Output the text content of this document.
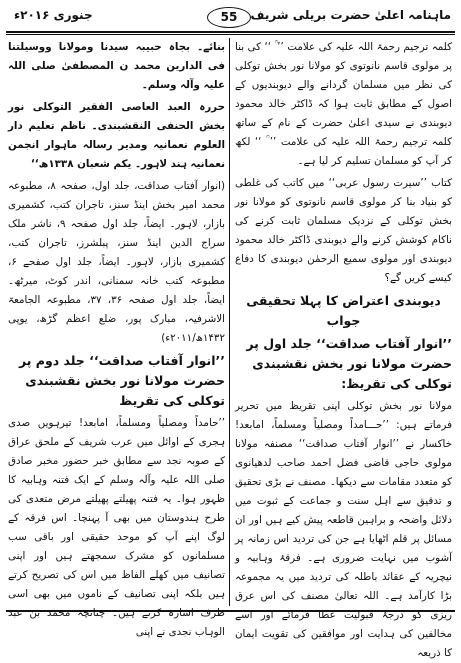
ماہنامہ اعلیٰ حضرت بریلی شریف
55
جنوری ۲۰۱۶ء

کلمہ ترجیم رحمۃ اللہ علیہ کی علامت ’’ ؒ ‘‘ کی بنا پر مولوی قاسم نانوتوی کو مولانا نور بخش توکلی کی نظر میں مسلمان گردانے والے دیوبندیوں کے اصول کے مطابق ثابت ہوا کہ ڈاکٹر خالد محمود دیوبندی نے سیدی اعلیٰ حضرت کے نام کے ساتھ کلمہ ترجیم رحمۃ اللہ علیہ کی علامت ’’ ؒ ‘‘ لکھ کر آپ کو مسلمان تسلیم کر لیا ہے۔

کتاب ’’سیرت رسول عربی‘‘ میں کاتب کی غلطی کو بنیاد بنا کر مولوی قاسم نانوتوی کو مولانا نور بخش توکلی کے نزدیک مسلمان ثابت کرنے کی ناکام کوشش کرنے والے دیوبندی ڈاکٹر خالد محمود دیوبندی اور مولوی سمیع الرحمٰن دیوبندی کا دفاع کیسے کریں گے؟

دیوبندی اعتراض کا پہلا تحقیقی جواب

’’انوار آفتاب صداقت‘‘ جلد اول پر حضرت مولانا نور بخش نقشبندی توکلی کی تقریظ:

مولانا نور بخش توکلی اپنی تقریظ میں تحریر فرماتے ہیں: ’’حـــامداً ومصلیاً ومسلماً، امابعد! خاکسار نے ’’انوار آفتاب صداقت‘‘ مصنفہ مولانا مولوی حاجی قاضی فضل احمد صاحب لدھیانوی کو متعدد مقامات سے دیکھا۔ مصنف نے بڑی تحقیق و تدقیق سے اہل سنت و جماعت کے ثبوت میں دلائل واضحہ و براہین قاطعہ پیش کیے ہیں اور ان مسائل پر قلم اٹھایا ہے جن کی تردید اس زمانہ پر آشوب میں نہایت ضروری ہے۔ فرقۂ وہابیہ و نیچریہ کے عقائد باطلہ کی تردید میں یہ مجموعہ بڑا کارآمد ہے۔ اللہ تعالیٰ مصنف کی اس عرق ریزی کو درجۂ قبولیت عطا فرمائے اور اسے مخالفین کی ہدایت اور موافقین کی تقویت ایمان کا ذریعہ

بنائے۔ بجاہ حبیبہ سیدنا ومولانا ووسیلتنا فی الدارین محمد ن المصطفیٰ صلی اللہ علیہ وآلہ وسلم۔

حررہ العبد العاصی الفقیر التوکلی نور بخش الحنفی النقشبندی۔ ناظم تعلیم دار العلوم نعمانیہ ومدیر رسالہ ماہوار انجمن نعمانیہ ہند لاہور۔ یکم شعبان ۱۳۳۸ھ‘‘

(انوار آفتاب صداقت، جلد اول، صفحہ ۸، مطبوعہ محمد امیر بخش اینڈ سنز، تاجران کتب، کشمیری بازار، لاہور۔ ایضاً، جلد اول صفحہ ۹، ناشر ملک سراج الدین اینڈ سنز، پبلشرز، تاجران کتب، کشمیری بازار، لاہور۔ ایضاً، جلد اول صفحے ۶، مطبوعہ کتب خانہ سمنانی، اندر کوٹ، میرٹھ۔ ایضاً، جلد اول صفحہ ۳۶، ۳۷، مطبوعہ الجامعۃ الاشرفیہ، مبارک پور، ضلع اعظم گڑھ، یوپی ۱۴۳۲ھ/۲۰۱۱ء)

’’انوار آفتاب صداقت‘‘ جلد دوم پر حضرت مولانا نور بخش نقشبندی توکلی کی تقریظ

’’حامداً ومصلیاً ومسلماً، امابعد! تیرہویں صدی ہجری کے اوائل میں عرب شریف کے ملحق عراق کے صوبہ نجد سے مطابق خبر حضور مخبر صادق صلی اللہ علیہ وآلہ وسلم کے ایک فتنہ وہابیہ کا ظہور ہوا۔ یہ فتنہ پھیلتے پھیلتے مرض متعدی کی طرح ہندوستان میں بھی آ پہنچا۔ اس فرقہ کے لوگ اپنے آپ کو موحد حقیقی اور باقی سب مسلمانوں کو مشرک سمجھتے ہیں اور اپنی تصانیف میں کھلے الفاظ میں اس کی تصریح کرتے ہیں بلکہ اپنی تصانیف کے ناموں میں بھی اسی طرف اشارہ کرتے ہیں۔ چنانچہ محمد بن عبد الوہاب نجدی نے اپنی
